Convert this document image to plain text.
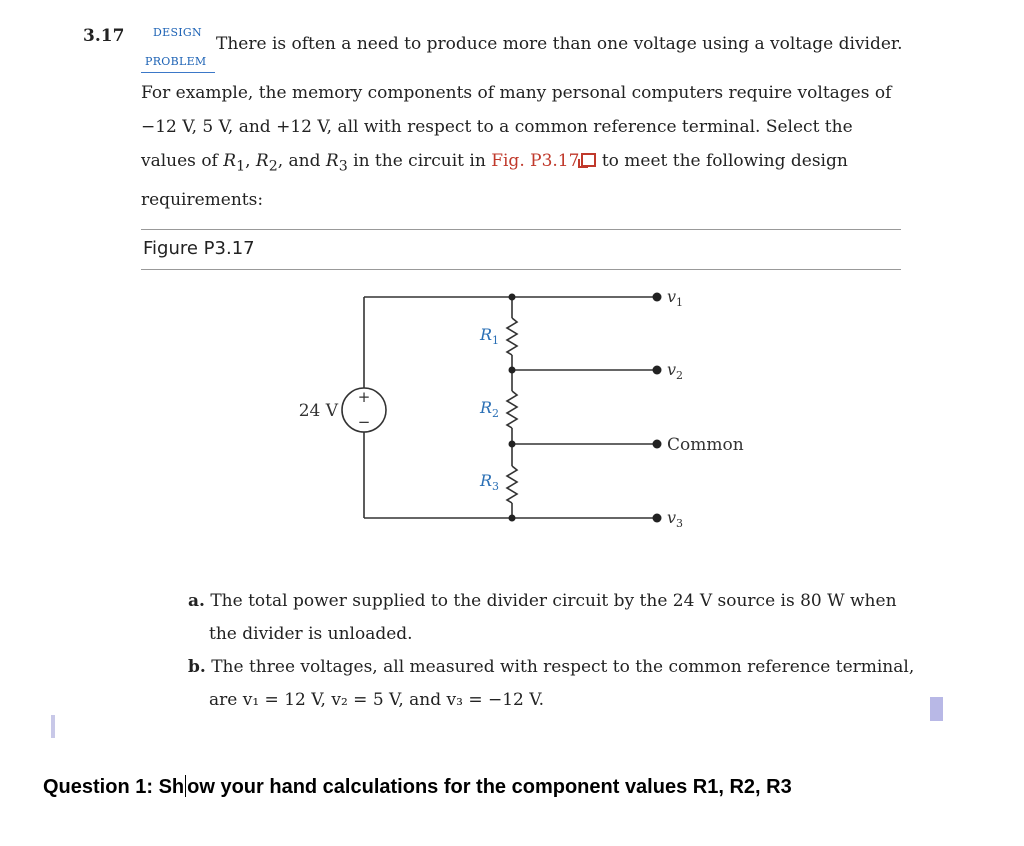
3.17	DESIGN
PROBLEM
There is often a need to produce more than one voltage using a voltage divider.
For example, the memory components of many personal computers require voltages of −12 V, 5 V, and +12 V, all with respect to a common reference terminal. Select the values of $R_1$, $R_2$, and $R_3$ in the circuit in Fig. P3.17 to meet the following design requirements:
Figure P3.17
+
−
24 V
$R_1$
$R_2$
$R_3$
$v_1$
$v_2$
Common
$v_3$
a. The total power supplied to the divider circuit by the 24 V source is 80 W when
the divider is unloaded.
b. The three voltages, all measured with respect to the common reference terminal,
are v₁ = 12 V, v₂ = 5 V, and v₃ = −12 V.
Question 1: Sh ow your hand calculations for the component values R1, R2, R3
